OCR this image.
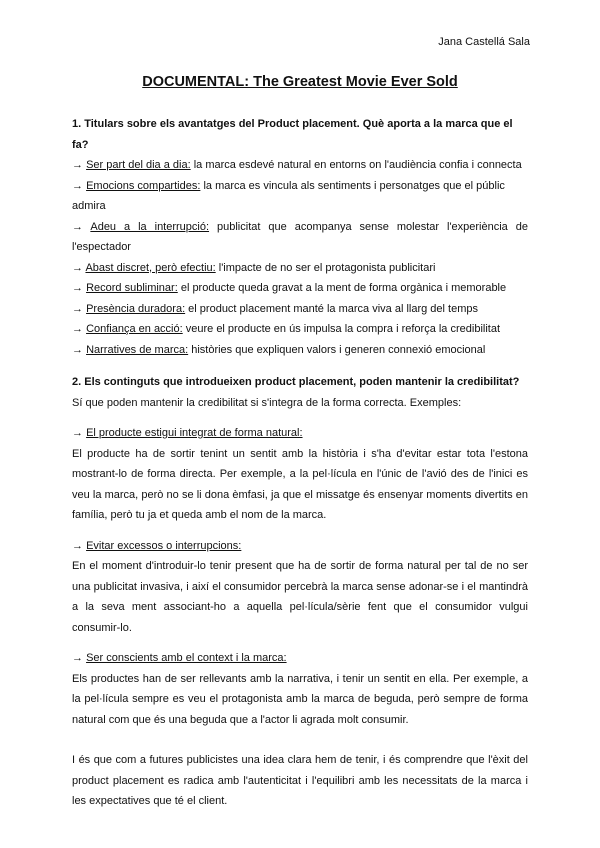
Jana Castellá Sala
DOCUMENTAL: The Greatest Movie Ever Sold

1. Titulars sobre els avantatges del Product placement. Què aporta a la marca que el fa?

→ Ser part del dia a dia: la marca esdevé natural en entorns on l'audiència confia i connecta

→ Emocions compartides: la marca es vincula als sentiments i personatges que el públic admira

→ Adeu a la interrupció: publicitat que acompanya sense molestar l'experiència de l'espectador

→ Abast discret, però efectiu: l'impacte de no ser el protagonista publicitari

→ Record subliminar: el producte queda gravat a la ment de forma orgànica i memorable

→ Presència duradora: el product placement manté la marca viva al llarg del temps

→ Confiança en acció: veure el producte en ús impulsa la compra i reforça la credibilitat

→ Narratives de marca: històries que expliquen valors i generen connexió emocional

2. Els continguts que introdueixen product placement, poden mantenir la credibilitat?

Sí que poden mantenir la credibilitat si s'integra de la forma correcta. Exemples:

→ El producte estigui integrat de forma natural:

El producte ha de sortir tenint un sentit amb la història i s'ha d'evitar estar tota l'estona mostrant-lo de forma directa. Per exemple, a la pel·lícula en l'únic de l'avió des de l'inici es veu la marca, però no se li dona èmfasi, ja que el missatge és ensenyar moments divertits en família, però tu ja et queda amb el nom de la marca.

→ Evitar excessos o interrupcions:

En el moment d'introduir-lo tenir present que ha de sortir de forma natural per tal de no ser una publicitat invasiva, i així el consumidor percebrà la marca sense adonar-se i el mantindrà a la seva ment associant-ho a aquella pel·lícula/sèrie fent que el consumidor vulgui consumir-lo.

→ Ser conscients amb el context i la marca:

Els productes han de ser rellevants amb la narrativa, i tenir un sentit en ella. Per exemple, a la pel·lícula sempre es veu el protagonista amb la marca de beguda, però sempre de forma natural com que és una beguda que a l'actor li agrada molt consumir.

I és que com a futures publicistes una idea clara hem de tenir, i és comprendre que l'èxit del product placement es radica amb l'autenticitat i l'equilibri amb les necessitats de la marca i les expectatives que té el client.
